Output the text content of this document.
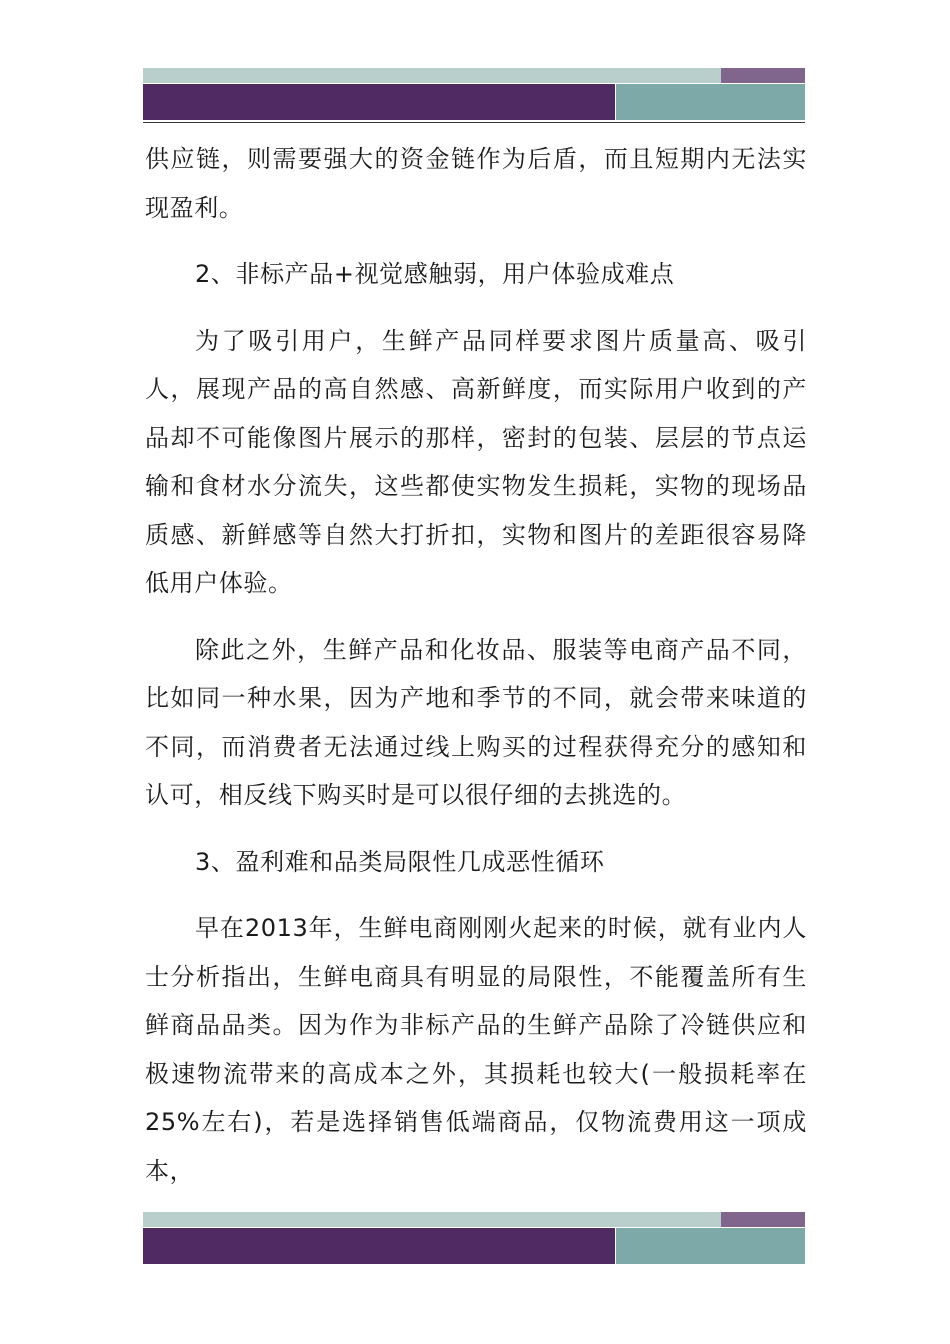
供应链，则需要强大的资金链作为后盾，而且短期内无法实现盈利。

2、非标产品+视觉感触弱，用户体验成难点

为了吸引用户，生鲜产品同样要求图片质量高、吸引人，展现产品的高自然感、高新鲜度，而实际用户收到的产品却不可能像图片展示的那样，密封的包装、层层的节点运输和食材水分流失，这些都使实物发生损耗，实物的现场品质感、新鲜感等自然大打折扣，实物和图片的差距很容易降低用户体验。

除此之外，生鲜产品和化妆品、服装等电商产品不同，比如同一种水果，因为产地和季节的不同，就会带来味道的不同，而消费者无法通过线上购买的过程获得充分的感知和认可，相反线下购买时是可以很仔细的去挑选的。

3、盈利难和品类局限性几成恶性循环

早在2013年，生鲜电商刚刚火起来的时候，就有业内人士分析指出，生鲜电商具有明显的局限性，不能覆盖所有生鲜商品品类。因为作为非标产品的生鲜产品除了冷链供应和极速物流带来的高成本之外，其损耗也较大(一般损耗率在25%左右)，若是选择销售低端商品，仅物流费用这一项成本，
